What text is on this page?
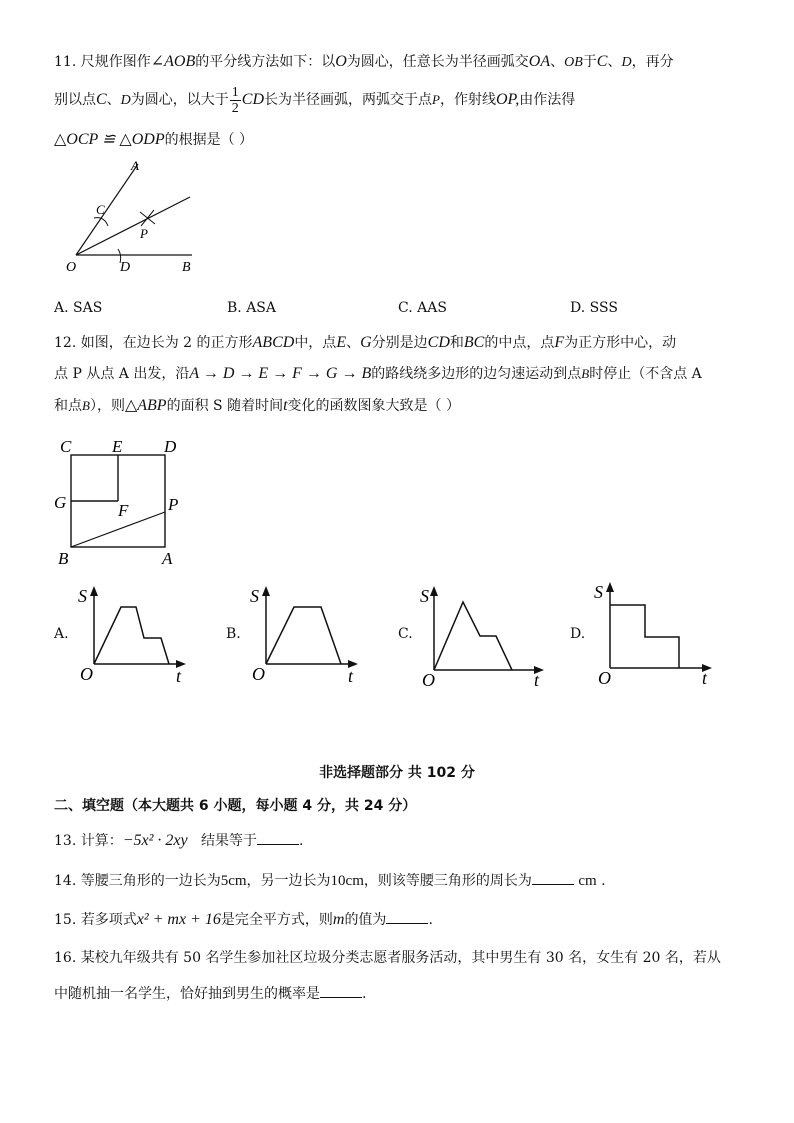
11. 尺规作图作∠AOB的平分线方法如下：以O为圆心，任意长为半径画弧交OA、OB于C、D，再分
别以点C、D为圆心，以大于 $\frac{1}{2}$ CD长为半径画弧，两弧交于点P，作射线OP,由作法得
△OCP ≌ △ODP的根据是（ ）
A
C
P
O	D	B
A. SAS	B. ASA	C. AAS	D. SSS
12. 如图，在边长为 2 的正方形ABCD中，点E、G分别是边CD和BC的中点，点F为正方形中心，动
点 P 从点 A 出发，沿A → D → E → F → G → B的路线绕多边形的边匀速运动到点B时停止（不含点 A
和点B），则△ABP的面积 S 随着时间t变化的函数图象大致是（ ）
C E D
G	F P
B	A
A.
S
O	t
B.
S
O	t
C.
S
O	t
D.
S
O	t
非选择题部分 共 102 分
二、填空题（本大题共 6 小题，每小题 4 分，共 24 分）
13. 计算：−5x² · 2xy 结果等于	.
14. 等腰三角形的一边长为5cm，另一边长为10cm，则该等腰三角形的周长为	cm .
15. 若多项式x² + mx + 16是完全平方式，则m的值为	.
16. 某校九年级共有 50 名学生参加社区垃圾分类志愿者服务活动，其中男生有 30 名，女生有 20 名，若从
中随机抽一名学生，恰好抽到男生的概率是	.
